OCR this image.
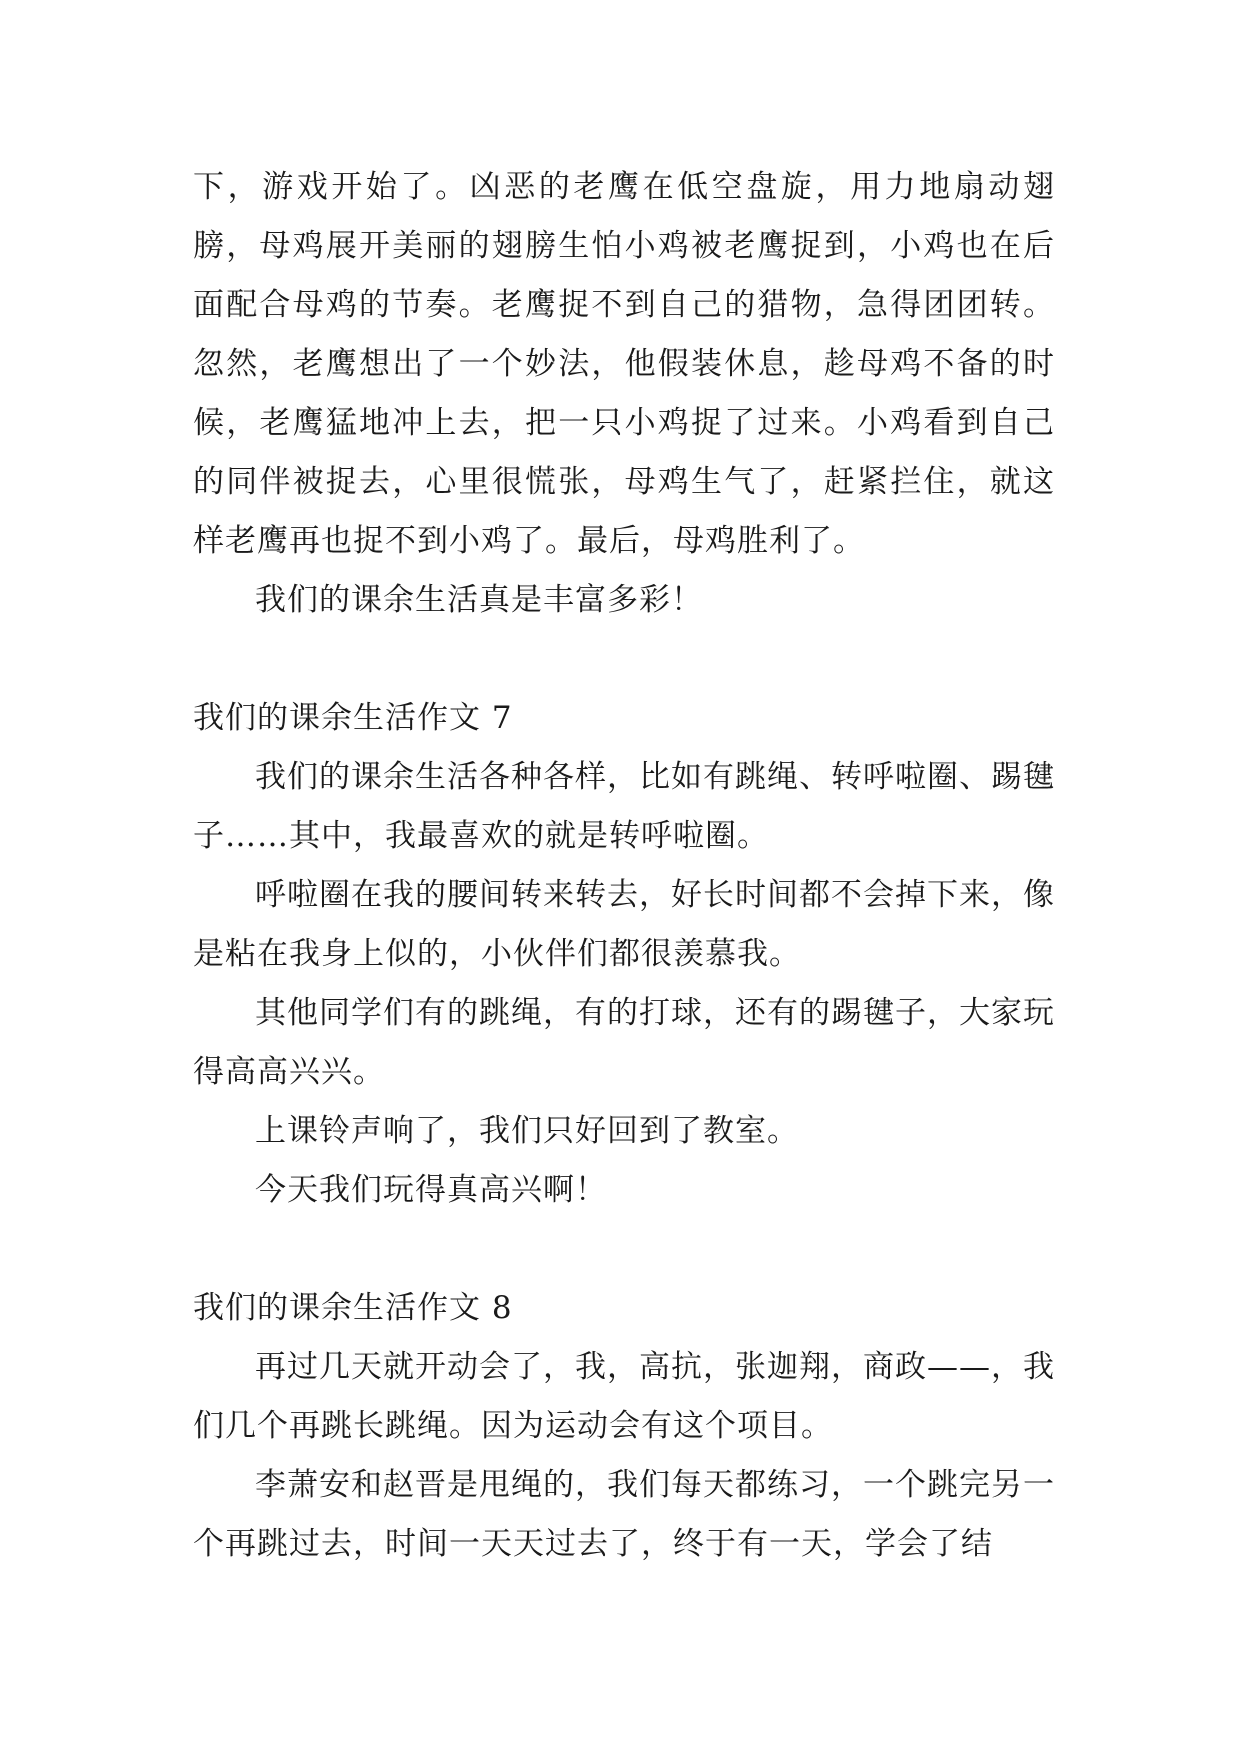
下，游戏开始了。凶恶的老鹰在低空盘旋，用力地扇动翅膀，母鸡展开美丽的翅膀生怕小鸡被老鹰捉到，小鸡也在后面配合母鸡的节奏。老鹰捉不到自己的猎物，急得团团转。忽然，老鹰想出了一个妙法，他假装休息，趁母鸡不备的时候，老鹰猛地冲上去，把一只小鸡捉了过来。小鸡看到自己的同伴被捉去，心里很慌张，母鸡生气了，赶紧拦住，就这样老鹰再也捉不到小鸡了。最后，母鸡胜利了。

我们的课余生活真是丰富多彩！

我们的课余生活作文 7

我们的课余生活各种各样，比如有跳绳、转呼啦圈、踢毽子……其中，我最喜欢的就是转呼啦圈。

呼啦圈在我的腰间转来转去，好长时间都不会掉下来，像是粘在我身上似的，小伙伴们都很羡慕我。

其他同学们有的跳绳，有的打球，还有的踢毽子，大家玩得高高兴兴。

上课铃声响了，我们只好回到了教室。

今天我们玩得真高兴啊！

我们的课余生活作文 8

再过几天就开动会了，我，高抗，张迦翔，商政——，我们几个再跳长跳绳。因为运动会有这个项目。

李萧安和赵晋是甩绳的，我们每天都练习，一个跳完另一个再跳过去，时间一天天过去了，终于有一天，学会了结
